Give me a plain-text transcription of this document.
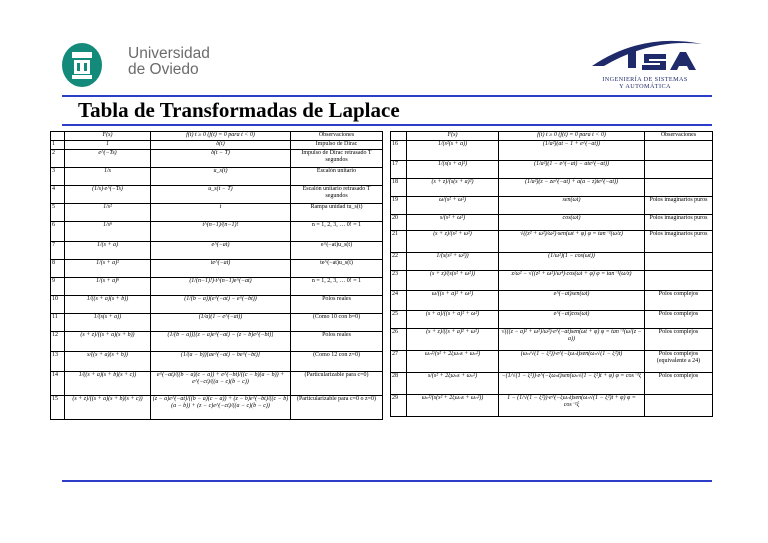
Universidad
de Oviedo
INGENIERÍA DE SISTEMAS
Y AUTOMÁTICA
Tabla de Transformadas de Laplace
	F(s)	f(t) t ≥ 0 (f(t) = 0 para t < 0)	Observaciones
1	1	δ(t)	Impulso de Dirac
2	e^(−Ts)	δ(t − T)	Impulso de Dirac retrasado T segundos
3	1/s	u_s(t)	Escalón unitario
4	(1/s)·e^(−Ts)	u_s(t − T)	Escalón unitario retrasado T segundos
5	1/s²	t	Rampa unidad tu_s(t)
6	1/sⁿ	t^(n−1)/(n−1)!	n = 1, 2, 3, … 0! = 1
7	1/(s + a)	e^(−at)	e^(−at)u_s(t)
8	1/(s + a)²	te^(−at)	te^(−at)u_s(t)
9	1/(s + a)ⁿ	(1/(n−1)!)·t^(n−1)e^(−at)	n = 1, 2, 3, … 0! = 1
10	1/((s + a)(s + b))	(1/(b − a))(e^(−at) − e^(−bt))	Polos reales
11	1/(s(s + a))	(1/a)(1 − e^(−at))	(Como 10 con b=0)
12	(s + z)/((s + a)(s + b))	(1/(b − a))[(z − a)e^(−at) − (z − b)e^(−bt)]	Polos reales
13	s/((s + a)(s + b))	(1/(a − b))[ae^(−at) − be^(−bt)]	(Como 12 con z=0)
14	1/((s + a)(s + b)(s + c))	e^(−at)/((b − a)(c − a)) + e^(−bt)/((c − b)(a − b)) + e^(−ct)/((a − c)(b − c))	(Particularizable para c=0)
15	(s + z)/((s + a)(s + b)(s + c))	(z − a)e^(−at)/((b − a)(c − a)) + (z − b)e^(−bt)/((c − b)(a − b)) + (z − c)e^(−ct)/((a − c)(b − c))	(Particularizable para c=0 o z=0)
	F(s)	f(t) t ≥ 0 (f(t) = 0 para t < 0)	Observaciones
16	1/(s²(s + a))	(1/a²)(at − 1 + e^(−at))	
17	1/(s(s + a)²)	(1/a²)(1 − e^(−at) − ate^(−at))	
18	(s + z)/(s(s + a)²)	(1/a²)(z − ze^(−at) + a(a − z)te^(−at))	
19	ω/(s² + ω²)	sen(ωt)	Polos imaginarios puros
20	s/(s² + ω²)	cos(ωt)	Polos imaginarios puros
21	(s + z)/(s² + ω²)	√((z² + ω²)/ω²)·sen(ωt + φ) φ = tan⁻¹(ω/z)	Polos imaginarios puros
22	1/(s(s² + ω²))	(1/ω²)(1 − cos(ωt))	
23	(s + z)/(s(s² + ω²))	z/ω² − √((z² + ω²)/ω⁴)·cos(ωt + φ) φ = tan⁻¹(ω/z)	
24	ω/((s + a)² + ω²)	e^(−at)sen(ωt)	Polos complejos
25	(s + a)/((s + a)² + ω²)	e^(−at)cos(ωt)	Polos complejos
26	(s + z)/((s + a)² + ω²)	√(((z − a)² + ω²)/ω²)·e^(−at)sen(ωt + φ) φ = tan⁻¹(ω/(z − a))	Polos complejos
27	ωₙ²/(s² + 2ξωₙs + ωₙ²)	(ωₙ/√(1 − ξ²))·e^(−ξωₙt)sen(ωₙ√(1 − ξ²)t)	Polos complejos (equivalente a 24)
28	s/(s² + 2ξωₙs + ωₙ²)	−(1/√(1 − ξ²))·e^(−ξωₙt)sen(ωₙ√(1 − ξ²)t + φ) φ = cos⁻¹ξ	Polos complejos
29	ωₙ²/(s(s² + 2ξωₙs + ωₙ²))	1 − (1/√(1 − ξ²))·e^(−ξωₙt)sen(ωₙ√(1 − ξ²)t + φ) φ = cos⁻¹ξ	
